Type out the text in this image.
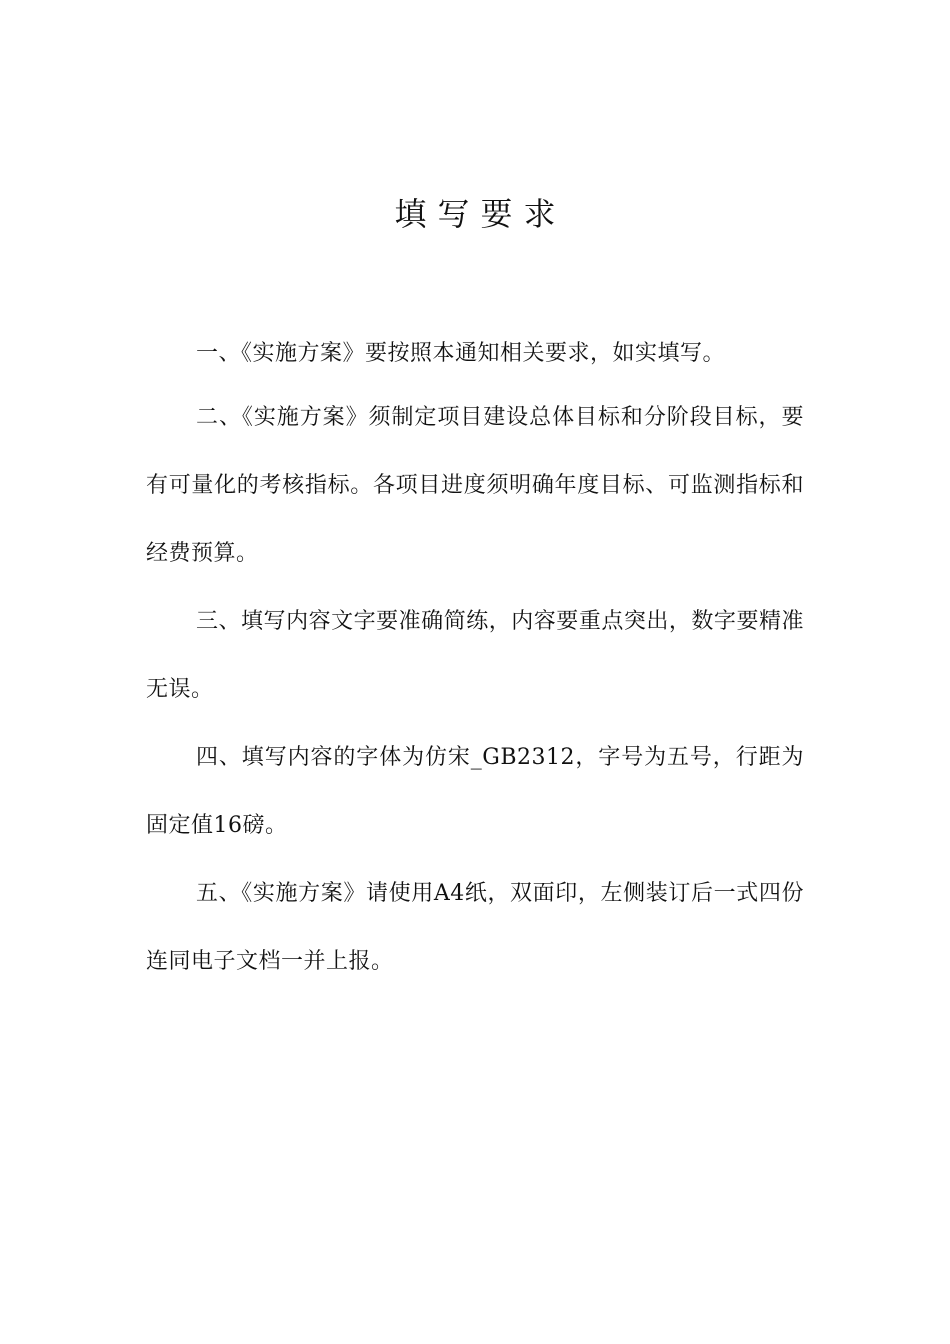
填写要求

一、《实施方案》要按照本通知相关要求，如实填写。

二、《实施方案》须制定项目建设总体目标和分阶段目标，要有可量化的考核指标。各项目进度须明确年度目标、可监测指标和经费预算。

三、填写内容文字要准确简练，内容要重点突出，数字要精准无误。

四、填写内容的字体为仿宋_GB2312，字号为五号，行距为固定值16磅。

五、《实施方案》请使用A4纸，双面印，左侧装订后一式四份连同电子文档一并上报。
